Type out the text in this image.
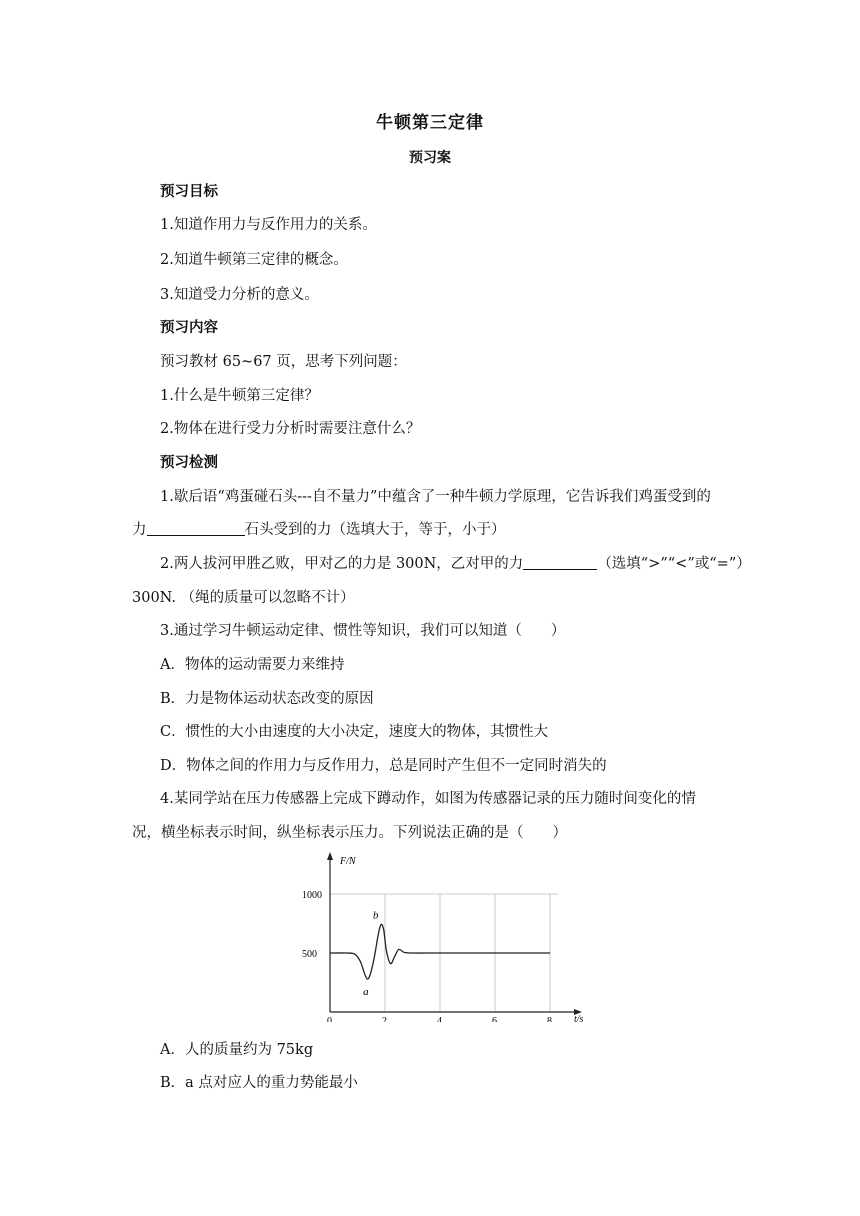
牛顿第三定律
预习案
预习目标
1.知道作用力与反作用力的关系。
2.知道牛顿第三定律的概念。
3.知道受力分析的意义。
预习内容
预习教材 65~67 页，思考下列问题：
1.什么是牛顿第三定律？
2.物体在进行受力分析时需要注意什么？
预习检测
1.歇后语“鸡蛋碰石头---自不量力”中蕴含了一种牛顿力学原理，它告诉我们鸡蛋受到的
力	石头受到的力（选填大于，等于，小于）
2.两人拔河甲胜乙败，甲对乙的力是 300N，乙对甲的力	（选填“>”“<”或“=”）
300N. （绳的质量可以忽略不计）
3.通过学习牛顿运动定律、惯性等知识，我们可以知道（　　）
A．物体的运动需要力来维持
B．力是物体运动状态改变的原因
C．惯性的大小由速度的大小决定，速度大的物体，其惯性大
D．物体之间的作用力与反作用力，总是同时产生但不一定同时消失的
4.某同学站在压力传感器上完成下蹲动作，如图为传感器记录的压力随时间变化的情
况，横坐标表示时间，纵坐标表示压力。下列说法正确的是（　　）
F/N
t/s
0	2	4	6	8
500
1000
a
b
A．人的质量约为 75kg
B．a 点对应人的重力势能最小
